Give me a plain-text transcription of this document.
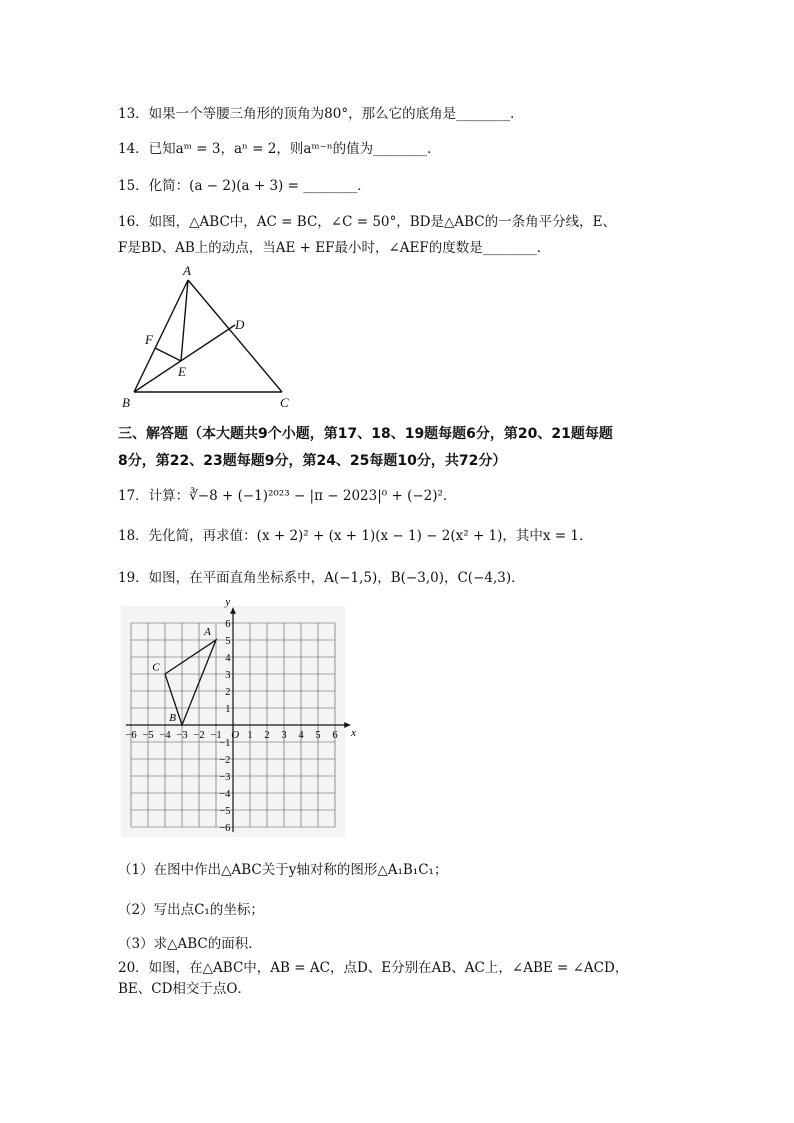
13．如果一个等腰三角形的顶角为80°，那么它的底角是________．
14．已知aᵐ = 3，aⁿ = 2，则aᵐ⁻ⁿ的值为________．
15．化简：(a − 2)(a + 3) = ________．
16．如图，△ABC中，AC = BC，∠C = 50°，BD是△ABC的一条角平分线，E、
F是BD、AB上的动点，当AE + EF最小时，∠AEF的度数是________．
A
B	C
D
E
F
三、解答题（本大题共9个小题，第17、18、19题每题6分，第20、21题每题
8分，第22、23题每题9分，第24、25每题10分，共72分）
17．计算：∛−8 + (−1)²⁰²³ − |π − 2023|⁰ + (−2)²．
18．先化简，再求值：(x + 2)² + (x + 1)(x − 1) − 2(x² + 1)，其中x = 1．
19．如图，在平面直角坐标系中，A(−1,5)，B(−3,0)，C(−4,3)．
x
y
O
−6 −5 −4 −3 −2 −1 1 2 3 4 5 6
6
5
4
3
2
1
−1
−2
−3
−4
−5
−6
A
B
C
（1）在图中作出△ABC关于y轴对称的图形△A₁B₁C₁；
（2）写出点C₁的坐标；
（3）求△ABC的面积．
20．如图，在△ABC中，AB = AC，点D、E分别在AB、AC上，∠ABE = ∠ACD，
BE、CD相交于点O．
